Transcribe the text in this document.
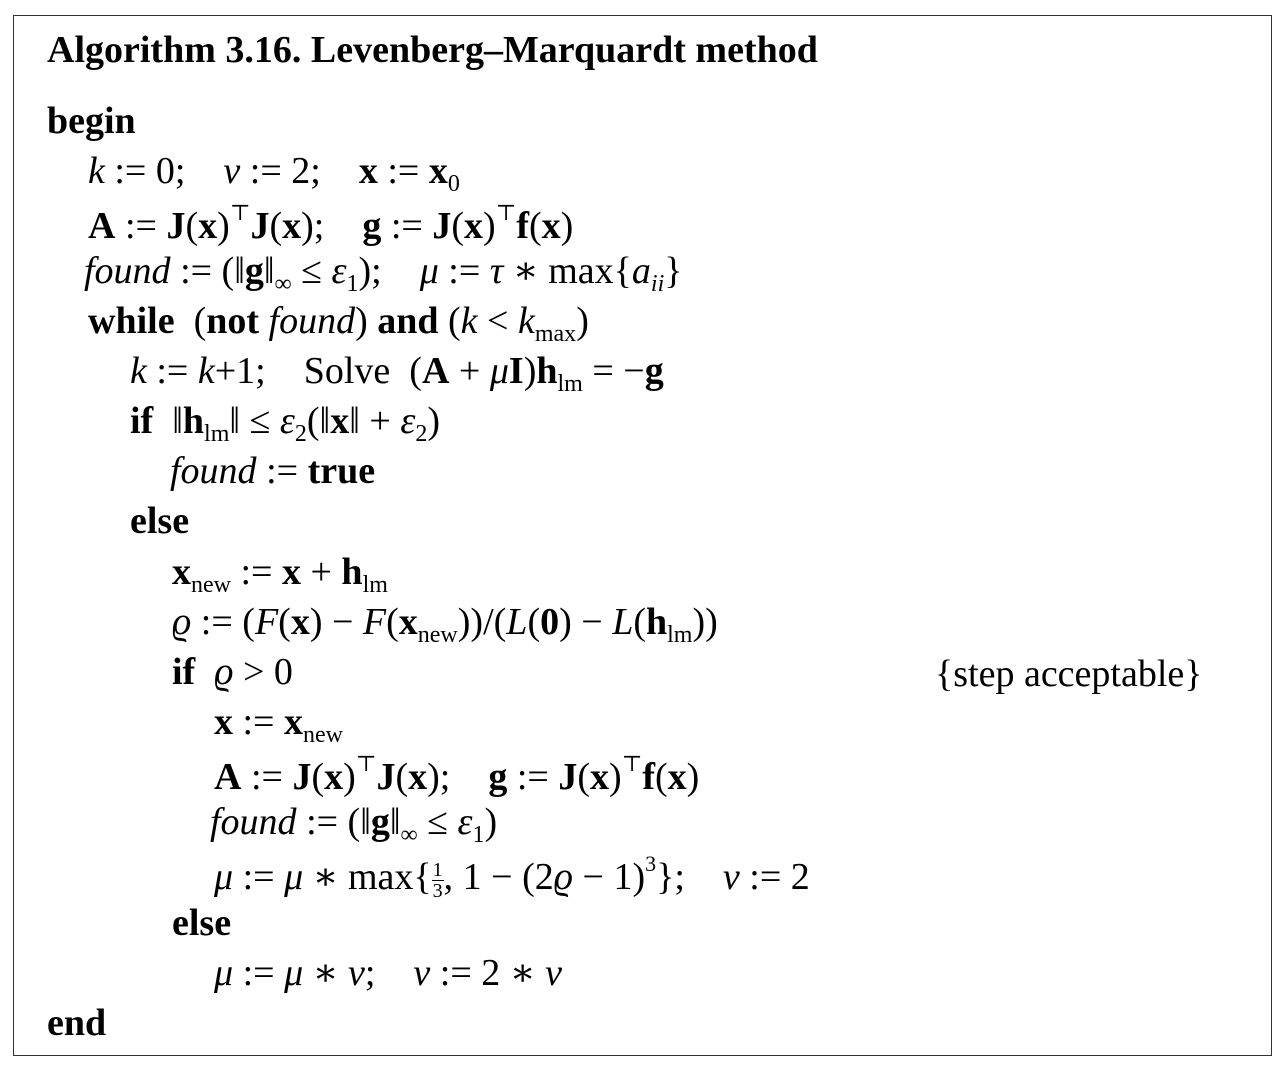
Algorithm 3.16. Levenberg–Marquardt method
begin
k := 0;    ν := 2;    x := $x_0$
A := J(x)⊤J(x);    g := J(x)⊤f(x)
found := $(‖g‖_\infty \le \varepsilon_1)$;    μ := τ ∗ $\max\{a_{ii}\}$
while  (not found) and $(k < k_{max})$
k := k+1;    Solve  $(A + \mu I)h_{lm} = -g$
if  $‖h_{lm}‖$ ≤ $\varepsilon_2(‖x‖ + \varepsilon_2)$
found := true
else
$x_{new}$ := $x + h_{lm}$
ϱ := $(F(x) - F(x_{new}))/(L(0) - L(h_{lm}))$
if ϱ > 0	{step acceptable}
x := $x_{new}$
A := J(x)⊤J(x);    g := J(x)⊤f(x)
found := $(‖g‖_\infty \le \varepsilon_1)$
μ := μ ∗ $\max\{ \frac{1}{3}$ , $1 - (2ϱ - 1)^3$};    ν := 2
else
μ := μ ∗ ν;    ν := 2 ∗ ν
end
